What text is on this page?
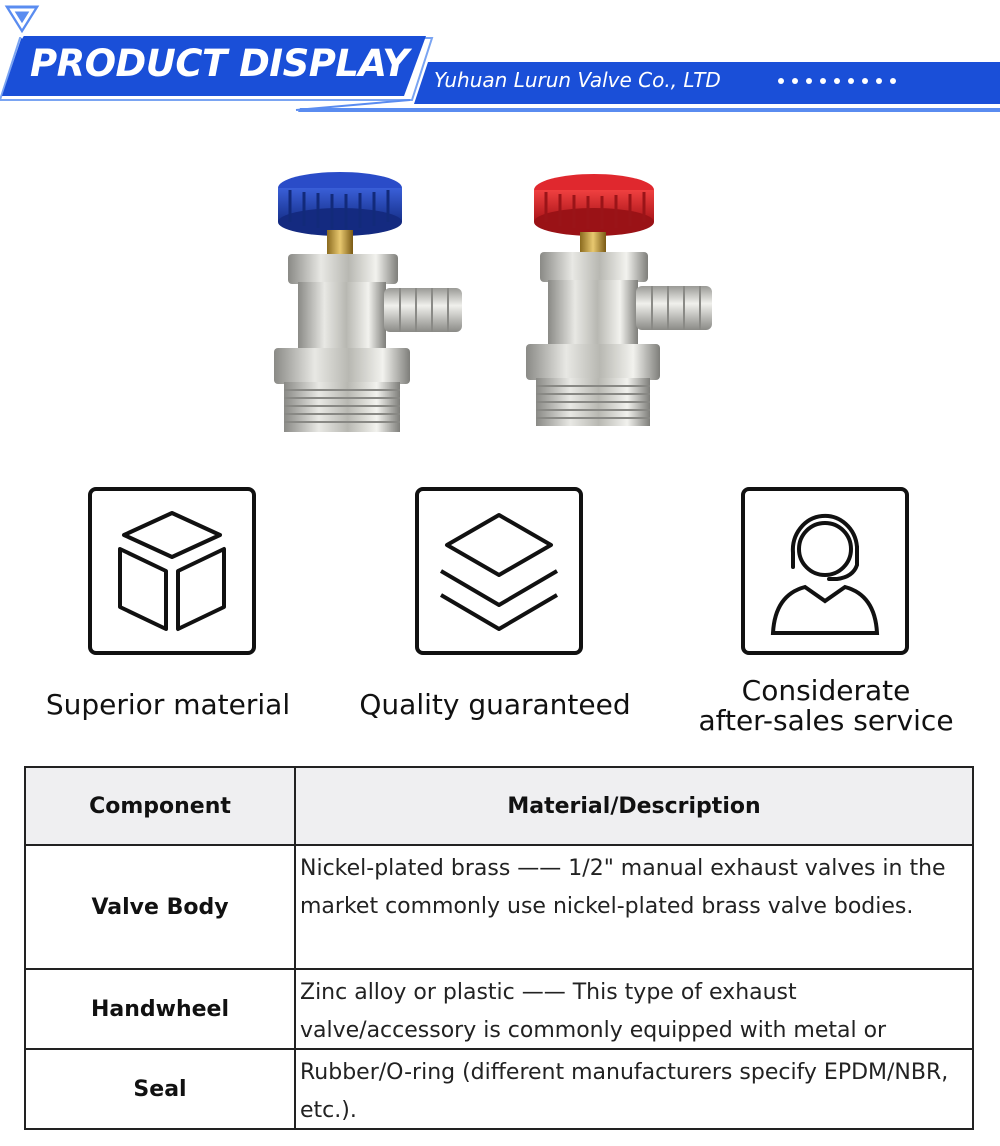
PRODUCT DISPLAY Yuhuan Lurun Valve Co., LTD
Superior material Quality guaranteed	Considerate
after-sales service
Component	Material/Description
Valve Body	Nickel-plated brass —— 1/2" manual exhaust valves in the market commonly use nickel-plated brass valve bodies.

Handwheel	Zinc alloy or plastic —— This type of exhaust valve/accessory is commonly equipped with metal or

Seal	Rubber/O-ring (different manufacturers specify EPDM/NBR, etc.).
